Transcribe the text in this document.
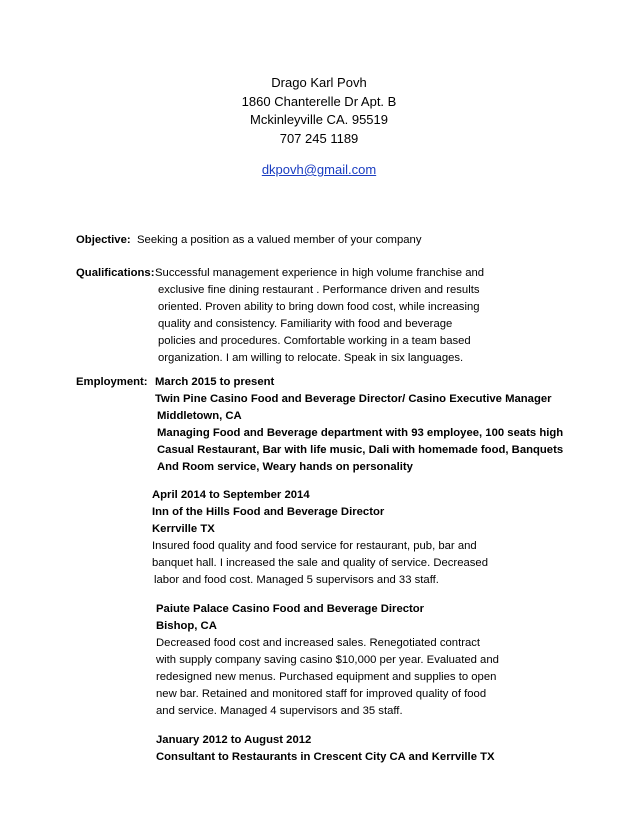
Drago Karl Povh
1860 Chanterelle Dr Apt. B
Mckinleyville CA. 95519
707 245 1189
dkpovh@gmail.com
Objective: Seeking a position as a valued member of your company
Qualifications: Successful management experience in high volume franchise and
exclusive fine dining restaurant . Performance driven and results
oriented. Proven ability to bring down food cost, while increasing
quality and consistency. Familiarity with food and beverage
policies and procedures. Comfortable working in a team based
organization. I am willing to relocate. Speak in six languages.
Employment: March 2015 to present
Twin Pine Casino Food and Beverage Director/ Casino Executive Manager
Middletown, CA
Managing Food and Beverage department with 93 employee, 100 seats high
Casual Restaurant, Bar with life music, Dali with homemade food, Banquets
And Room service, Weary hands on personality
April 2014 to September 2014
Inn of the Hills Food and Beverage Director
Kerrville TX
Insured food quality and food service for restaurant, pub, bar and
banquet hall. I increased the sale and quality of service. Decreased
labor and food cost. Managed 5 supervisors and 33 staff.
Paiute Palace Casino Food and Beverage Director
Bishop, CA
Decreased food cost and increased sales. Renegotiated contract
with supply company saving casino $10,000 per year. Evaluated and
redesigned new menus. Purchased equipment and supplies to open
new bar. Retained and monitored staff for improved quality of food
and service. Managed 4 supervisors and 35 staff.
January 2012 to August 2012
Consultant to Restaurants in Crescent City CA and Kerrville TX
